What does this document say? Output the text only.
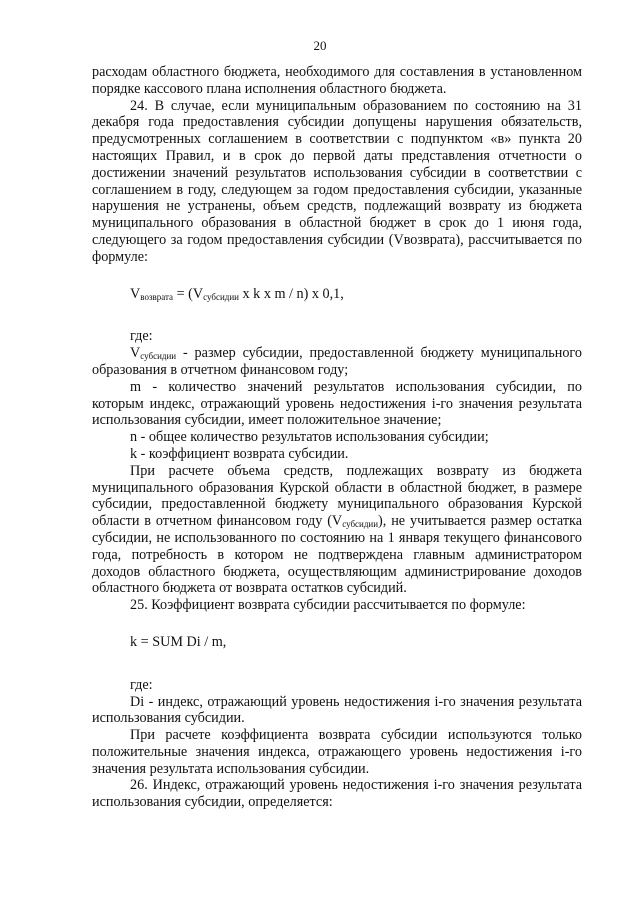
20

расходам областного бюджета, необходимого для составления в установленном порядке кассового плана исполнения областного бюджета.

24. В случае, если муниципальным образованием по состоянию на 31 декабря года предоставления субсидии допущены нарушения обязательств, предусмотренных соглашением в соответствии с подпунктом «в» пункта 20 настоящих Правил, и в срок до первой даты представления отчетности о достижении значений результатов использования субсидии в соответствии с соглашением в году, следующем за годом предоставления субсидии, указанные нарушения не устранены, объем средств, подлежащий возврату из бюджета муниципального образования в областной бюджет в срок до 1 июня года, следующего за годом предоставления субсидии (Vвозврата), рассчитывается по формуле:

$V_{возврата} = (V_{субсидии}$ x k x m / n) x 0,1,

где:

$V_{субсидии}$ - размер субсидии, предоставленной бюджету муниципального образования в отчетном финансовом году;

m - количество значений результатов использования субсидии, по которым индекс, отражающий уровень недостижения i-го значения результата использования субсидии, имеет положительное значение;

n - общее количество результатов использования субсидии;

k - коэффициент возврата субсидии.

При расчете объема средств, подлежащих возврату из бюджета муниципального образования Курской области в областной бюджет, в размере субсидии, предоставленной бюджету муниципального образования Курской области в отчетном финансовом году $(V_{субсидии})$, не учитывается размер остатка субсидии, не использованного по состоянию на 1 января текущего финансового года, потребность в котором не подтверждена главным администратором доходов областного бюджета, осуществляющим администрирование доходов областного бюджета от возврата остатков субсидий.

25. Коэффициент возврата субсидии рассчитывается по формуле:

k = SUM Di / m,

где:

Di - индекс, отражающий уровень недостижения i-го значения результата использования субсидии.

При расчете коэффициента возврата субсидии используются только положительные значения индекса, отражающего уровень недостижения i-го значения результата использования субсидии.

26. Индекс, отражающий уровень недостижения i-го значения результата использования субсидии, определяется:
